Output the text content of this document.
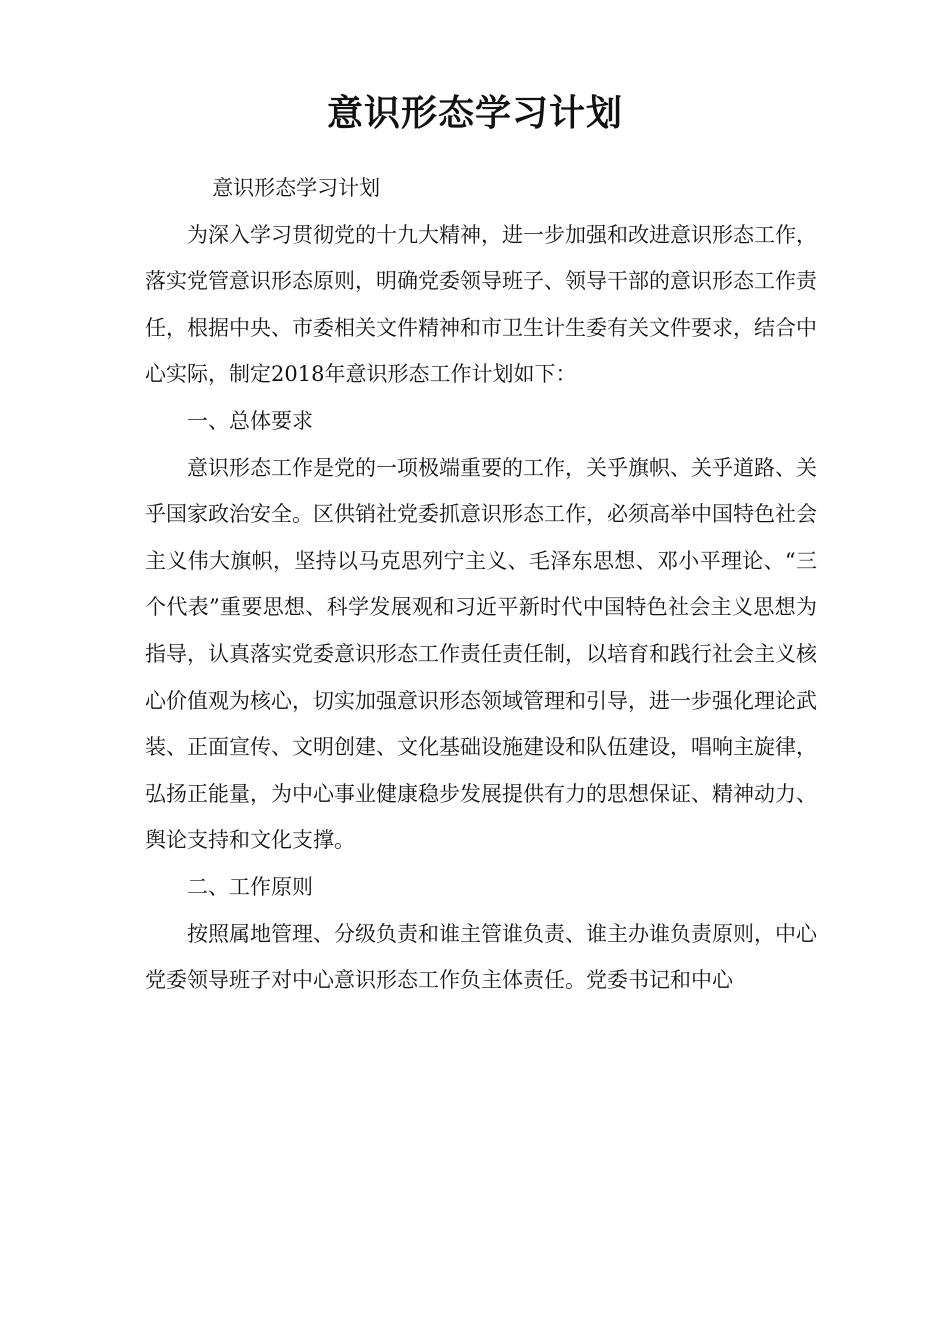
意识形态学习计划

意识形态学习计划

为深入学习贯彻党的十九大精神，进一步加强和改进意识形态工作，落实党管意识形态原则，明确党委领导班子、领导干部的意识形态工作责任，根据中央、市委相关文件精神和市卫生计生委有关文件要求，结合中心实际，制定2018年意识形态工作计划如下：

一、总体要求

意识形态工作是党的一项极端重要的工作，关乎旗帜、关乎道路、关乎国家政治安全。区供销社党委抓意识形态工作，必须高举中国特色社会主义伟大旗帜，坚持以马克思列宁主义、毛泽东思想、邓小平理论、“三个代表”重要思想、科学发展观和习近平新时代中国特色社会主义思想为指导，认真落实党委意识形态工作责任责任制，以培育和践行社会主义核心价值观为核心，切实加强意识形态领域管理和引导，进一步强化理论武装、正面宣传、文明创建、文化基础设施建设和队伍建设，唱响主旋律，弘扬正能量，为中心事业健康稳步发展提供有力的思想保证、精神动力、舆论支持和文化支撑。

二、工作原则

按照属地管理、分级负责和谁主管谁负责、谁主办谁负责原则，中心党委领导班子对中心意识形态工作负主体责任。党委书记和中心
